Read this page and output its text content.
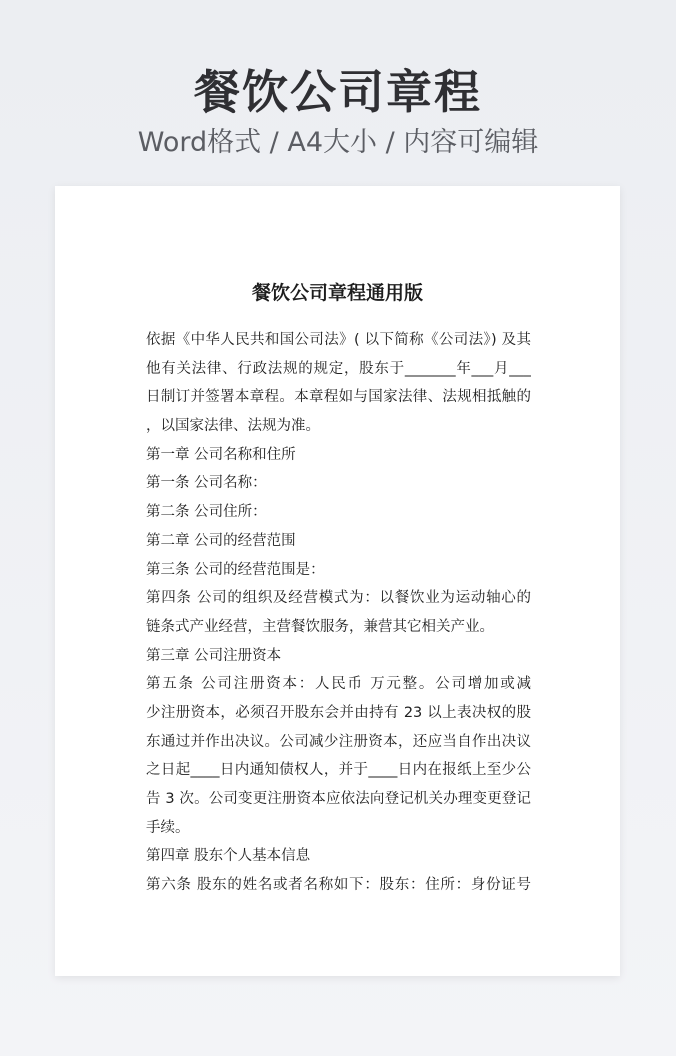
餐饮公司章程
Word格式 / A4大小 / 内容可编辑
餐饮公司章程通用版
依据《中华人民共和国公司法》( 以下简称《公司法》) 及其
他有关法律、行政法规的规定，股东于_______年___月___
日制订并签署本章程。本章程如与国家法律、法规相抵触的
，以国家法律、法规为准。
第一章 公司名称和住所
第一条 公司名称：
第二条 公司住所：
第二章 公司的经营范围
第三条 公司的经营范围是：
第四条 公司的组织及经营模式为：以餐饮业为运动轴心的
链条式产业经营，主营餐饮服务，兼营其它相关产业。
第三章 公司注册资本
第五条 公司注册资本：人民币 万元整。公司增加或减
少注册资本，必须召开股东会并由持有 23 以上表决权的股
东通过并作出决议。公司减少注册资本，还应当自作出决议
之日起____日内通知债权人，并于____日内在报纸上至少公
告 3 次。公司变更注册资本应依法向登记机关办理变更登记
手续。
第四章 股东个人基本信息
第六条 股东的姓名或者名称如下：股东：住所：身份证号
